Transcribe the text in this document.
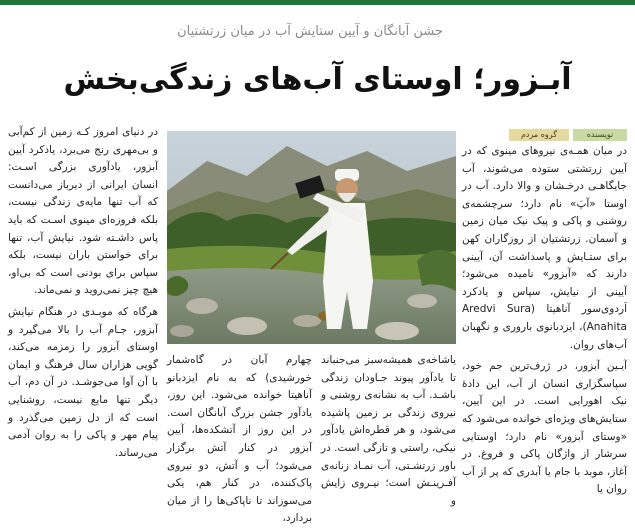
جشن آبانگان و آیین ستایش آب در میان زرتشتیان
آبـزور؛ اوستای آب‌های زندگی‌بخش
نویسنده
گروه مردم

در میان همـه‌ی نیروهای مینوی که در آیین زرتشتی ستوده می‌شوند، آب جایگاهـی درخـشان و والا دارد. آب در اوستا «آپَ» نام دارد؛ سرچشمه‌ی روشنی و پاکی و پیک نیک میان زمین و آسمان. زرتشتیان از روزگاران کهن برای ستـایش و پاسداشت آن، آیینی دارند که «آبزور» نامیده می‌شود؛ آیینی از نیایش، سپاس و یادکرد اَردوی‌سور آناهیتا (Aredvi Sura Anahita)، ایزدبانوی باروری و نگهبان آب‌های روان.

آیـین آبزور، در ژرف‌ترین جم خود، سپاسگزاری انسان از آب، این دادهٔ نیک اهورایی است. در این آیین، ستایش‌های ویژه‌ای خوانده می‌شود که «وستای آبزور» نام دارد؛ اوستایی سرشار از واژگان پاکی و فروغ. در آغاز، موبد با جام یا آبدری که پر از آب روان یا

در دنیای امروز کـه زمین از کم‌آبی و بی‌مهری رنج می‌برد، یادکرد آیین آبزور، یادآوری بزرگی اسـت: انسان ایرانی از دیرباز می‌دانست که آب تنها مایه‌ی زندگی نیست، بلکه فروزه‌ای مینوی اسـت که باید پاس داشـته شود. نیایش آب، تنها برای خواستن باران نیست، بلکه سپاس برای بودنی است که بی‌او، هیچ چیز نمی‌روید و نمی‌ماند.

هرگاه که موبـدی در هنگام نیایش آبزور، جـام آب را بالا می‌گیرد و اوستای آبزور را زمزمه می‌کند، گویی هزاران سال فرهنگ و ایمان با آن آوا می‌جوشـد. در آن دم، آب دیگر تنها مایع نیست، روشنایی است که از دل زمین می‌گذرد و پیام مهر و پاکی را به روان آدمی می‌رساند.

چهارم آبان در گاه‌شمار خورشیدی) که به نام ایزدبانو آناهیتا خوانده می‌شود. این روز، یادآور جشن بزرگ آبانگان است. در این روز از آتشکده‌ها، آیین آبزور در کنار آتش برگزار می‌شود؛ آب و آتش، دو نیروی پاک‌کننده، در کنار هم، یکی می‌سوزاند تا ناپاکی‌ها را از میان بردارد،
یاشاخه‌ی همیشه‌سبز می‌جنباند تا یادآور پیوند جـاودان زندگی باشـد. آب به نشانه‌ی روشنی و نیروی زندگی بر زمین پاشیده می‌شود، و هر قطره‌اش یادآور نیکی، راستی و تازگی است. در باور زرتشـتی، آب نمـاد زنانه‌ی آفـرینـش است؛ نیـروی زایش و
